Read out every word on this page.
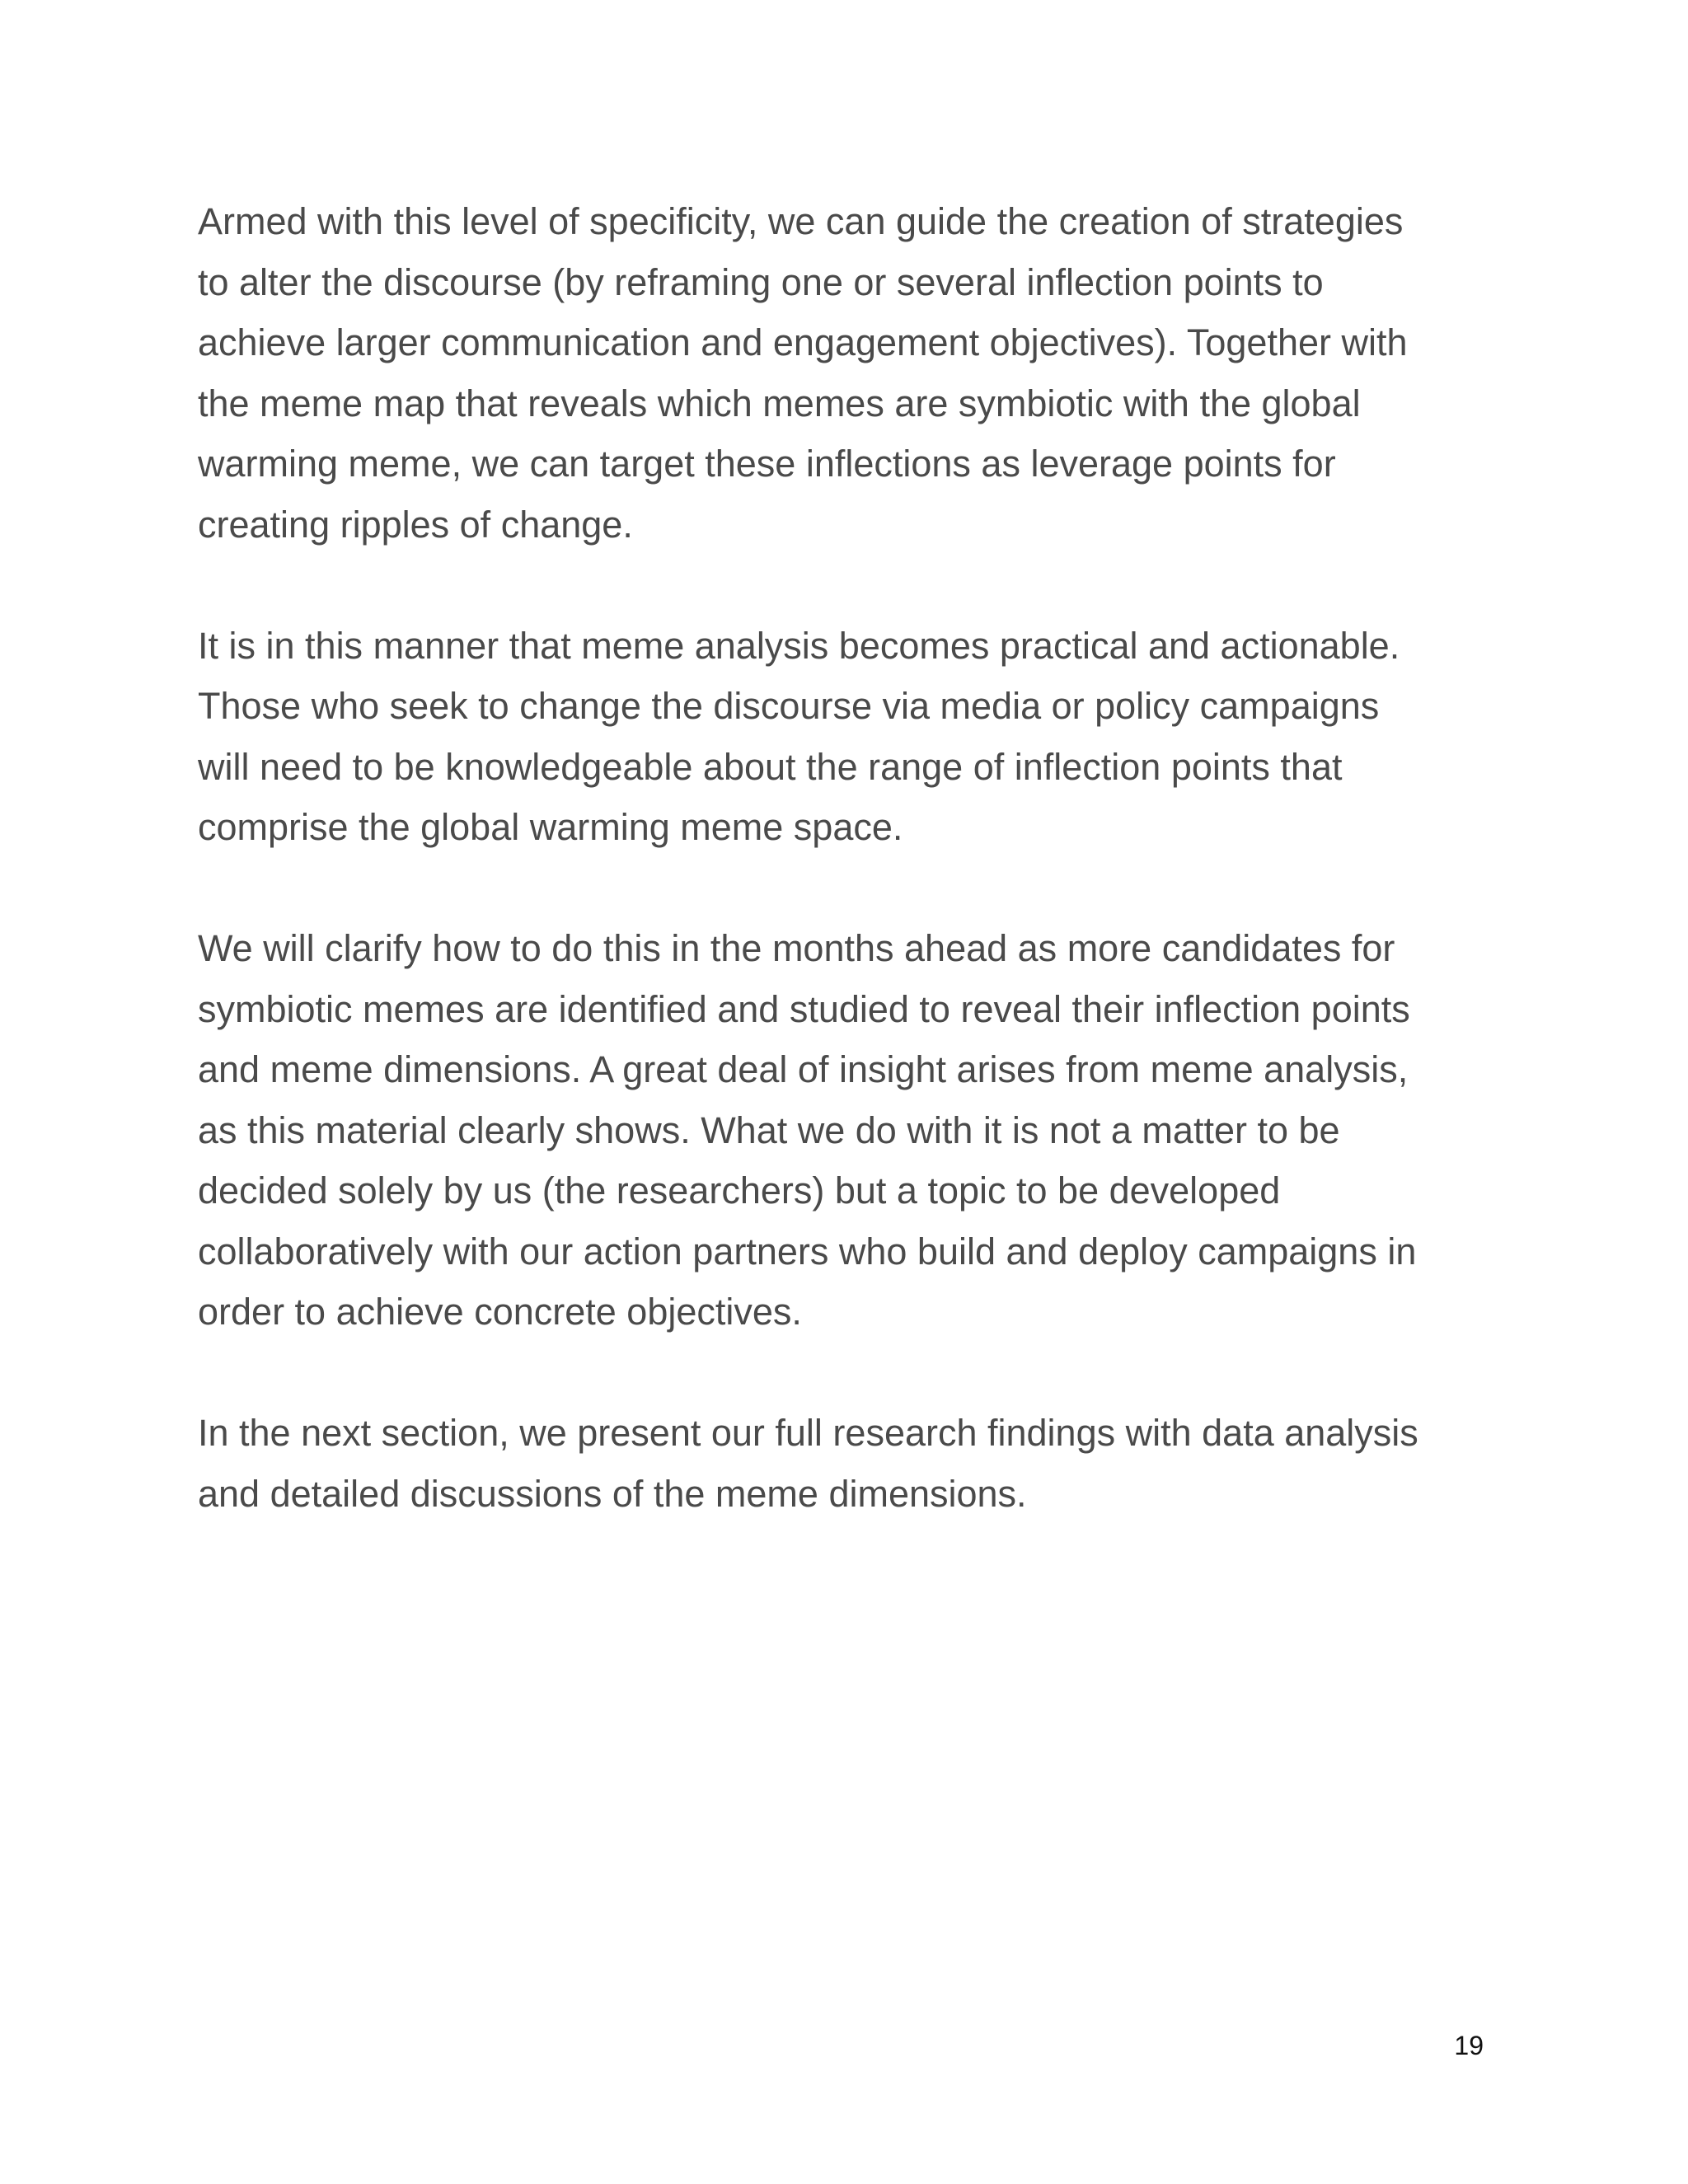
Armed with this level of specificity, we can guide the creation of strategies
to alter the discourse (by reframing one or several inflection points to
achieve larger communication and engagement objectives). Together with
the meme map that reveals which memes are symbiotic with the global
warming meme, we can target these inflections as leverage points for
creating ripples of change.

It is in this manner that meme analysis becomes practical and actionable.
Those who seek to change the discourse via media or policy campaigns
will need to be knowledgeable about the range of inflection points that
comprise the global warming meme space.

We will clarify how to do this in the months ahead as more candidates for
symbiotic memes are identified and studied to reveal their inflection points
and meme dimensions. A great deal of insight arises from meme analysis,
as this material clearly shows. What we do with it is not a matter to be
decided solely by us (the researchers) but a topic to be developed
collaboratively with our action partners who build and deploy campaigns in
order to achieve concrete objectives.

In the next section, we present our full research findings with data analysis
and detailed discussions of the meme dimensions.

19
